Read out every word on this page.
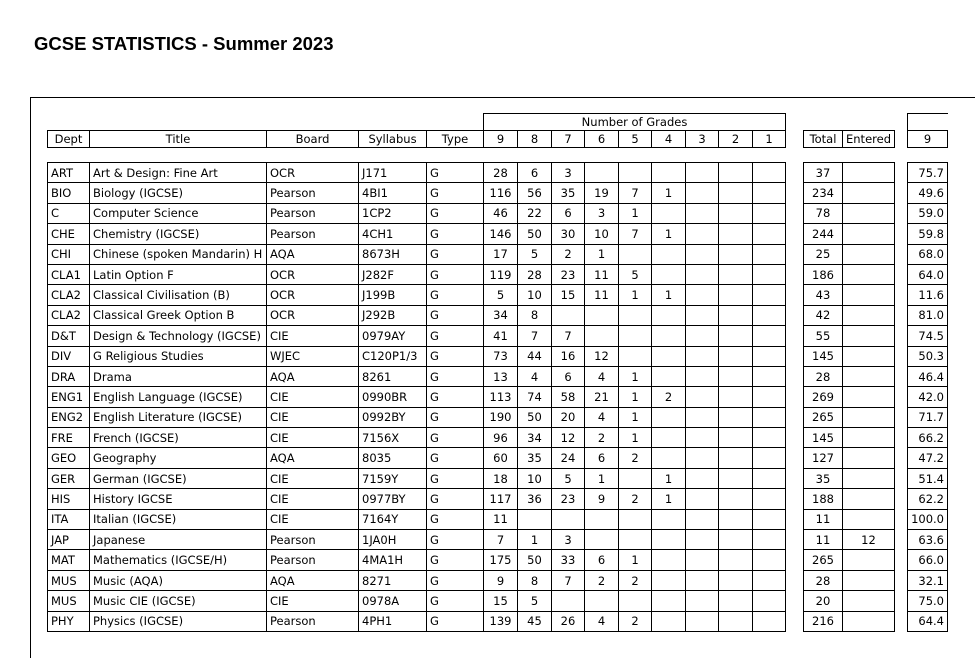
GCSE STATISTICS - Summer 2023
					Number of Grades													
Dept	Title	Board	Syllabus	Type	9	8	7	6	5	4	3	2	1		Total	Entered		9

ART	Art & Design: Fine Art	OCR	J171	G	28	6	3								37			75.7
BIO	Biology (IGCSE)	Pearson	4BI1	G	116	56	35	19	7	1					234			49.6
C	Computer Science	Pearson	1CP2	G	46	22	6	3	1						78			59.0
CHE	Chemistry (IGCSE)	Pearson	4CH1	G	146	50	30	10	7	1					244			59.8
CHI	Chinese (spoken Mandarin) H	AQA	8673H	G	17	5	2	1							25			68.0
CLA1	Latin Option F	OCR	J282F	G	119	28	23	11	5						186			64.0
CLA2	Classical Civilisation (B)	OCR	J199B	G	5	10	15	11	1	1					43			11.6
CLA2	Classical Greek Option B	OCR	J292B	G	34	8									42			81.0
D&T	Design & Technology (IGCSE)	CIE	0979AY	G	41	7	7								55			74.5
DIV	G Religious Studies	WJEC	C120P1/3	G	73	44	16	12							145			50.3
DRA	Drama	AQA	8261	G	13	4	6	4	1						28			46.4
ENG1	English Language (IGCSE)	CIE	0990BR	G	113	74	58	21	1	2					269			42.0
ENG2	English Literature (IGCSE)	CIE	0992BY	G	190	50	20	4	1						265			71.7
FRE	French (IGCSE)	CIE	7156X	G	96	34	12	2	1						145			66.2
GEO	Geography	AQA	8035	G	60	35	24	6	2						127			47.2
GER	German (IGCSE)	CIE	7159Y	G	18	10	5	1		1					35			51.4
HIS	History IGCSE	CIE	0977BY	G	117	36	23	9	2	1					188			62.2
ITA	Italian (IGCSE)	CIE	7164Y	G	11										11			100.0
JAP	Japanese	Pearson	1JA0H	G	7	1	3								11	12		63.6
MAT	Mathematics (IGCSE/H)	Pearson	4MA1H	G	175	50	33	6	1						265			66.0
MUS	Music (AQA)	AQA	8271	G	9	8	7	2	2						28			32.1
MUS	Music CIE (IGCSE)	CIE	0978A	G	15	5									20			75.0
PHY	Physics (IGCSE)	Pearson	4PH1	G	139	45	26	4	2						216			64.4
